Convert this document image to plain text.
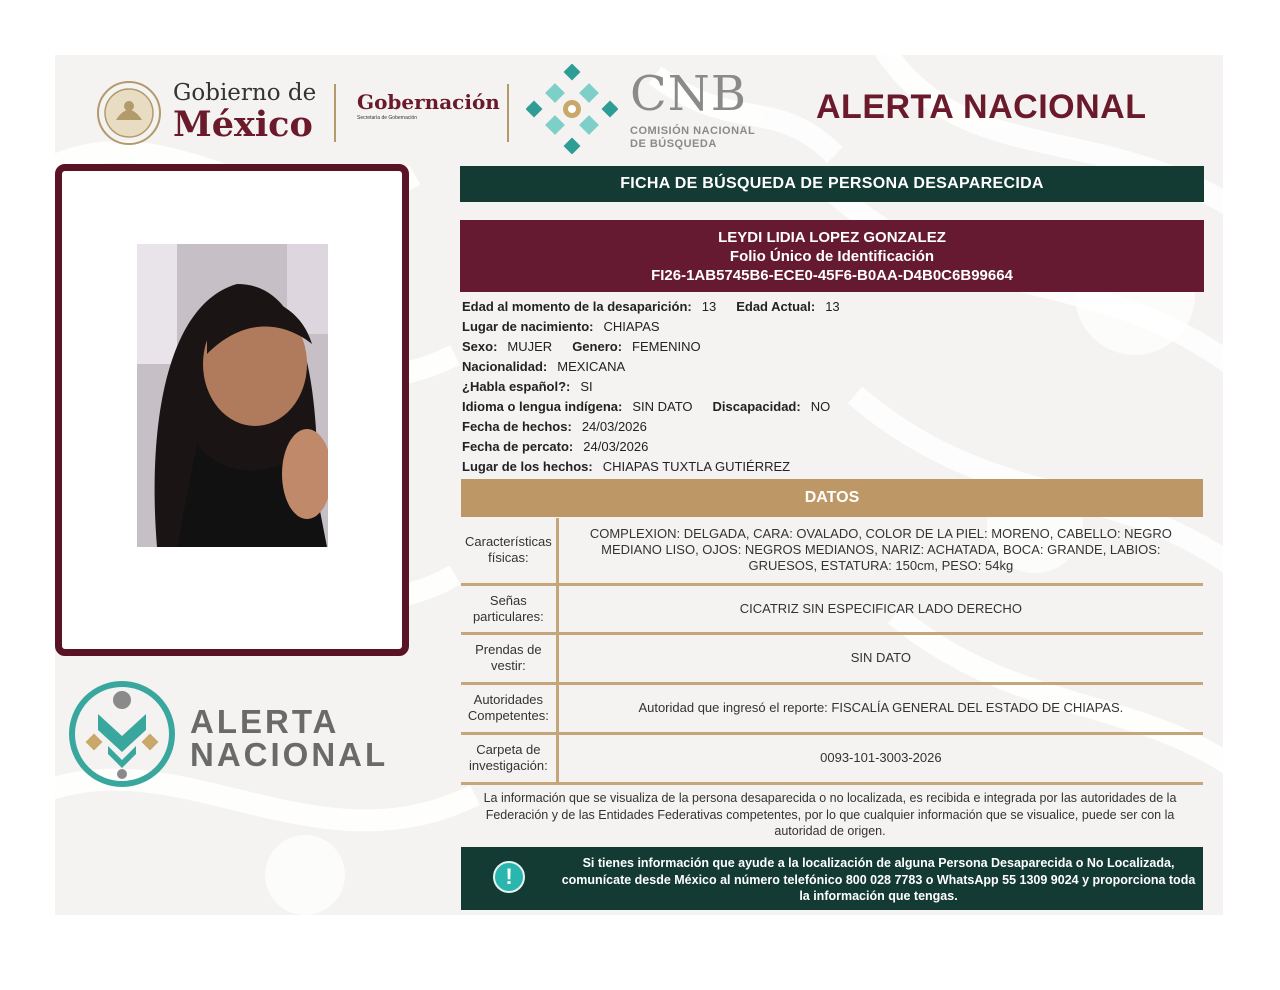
Gobierno de
México
Gobernación
Secretaría de Gobernación	CNB
COMISIÓN NACIONAL
DE BÚSQUEDA
ALERTA NACIONAL
ALERTA
NACIONAL
FICHA DE BÚSQUEDA DE PERSONA DESAPARECIDA
LEYDI LIDIA LOPEZ GONZALEZ
Folio Único de Identificación
FI26-1AB5745B6-ECE0-45F6-B0AA-D4B0C6B99664
Edad al momento de la desaparición: 13 Edad Actual: 13
Lugar de nacimiento: CHIAPAS
Sexo: MUJER Genero: FEMENINO
Nacionalidad: MEXICANA
¿Habla español?: SI
Idioma o lengua indígena: SIN DATO Discapacidad: NO
Fecha de hechos: 24/03/2026
Fecha de percato: 24/03/2026
Lugar de los hechos: CHIAPAS TUXTLA GUTIÉRREZ
DATOS
Características físicas:	COMPLEXION: DELGADA, CARA: OVALADO, COLOR DE LA PIEL: MORENO, CABELLO: NEGRO MEDIANO LISO, OJOS: NEGROS MEDIANOS, NARIZ: ACHATADA, BOCA: GRANDE, LABIOS: GRUESOS, ESTATURA: 150cm, PESO: 54kg
Señas particulares:	CICATRIZ SIN ESPECIFICAR LADO DERECHO
Prendas de vestir:	SIN DATO
Autoridades Competentes:	Autoridad que ingresó el reporte: FISCALÍA GENERAL DEL ESTADO DE CHIAPAS.
Carpeta de investigación:	0093-101-3003-2026
La información que se visualiza de la persona desaparecida o no localizada, es recibida e integrada por las autoridades de la Federación y de las Entidades Federativas competentes, por lo que cualquier información que se visualice, puede ser con la autoridad de origen.
!
Si tienes información que ayude a la localización de alguna Persona Desaparecida o No Localizada, comunícate desde México al número telefónico 800 028 7783 o WhatsApp 55 1309 9024 y proporciona toda la información que tengas.
